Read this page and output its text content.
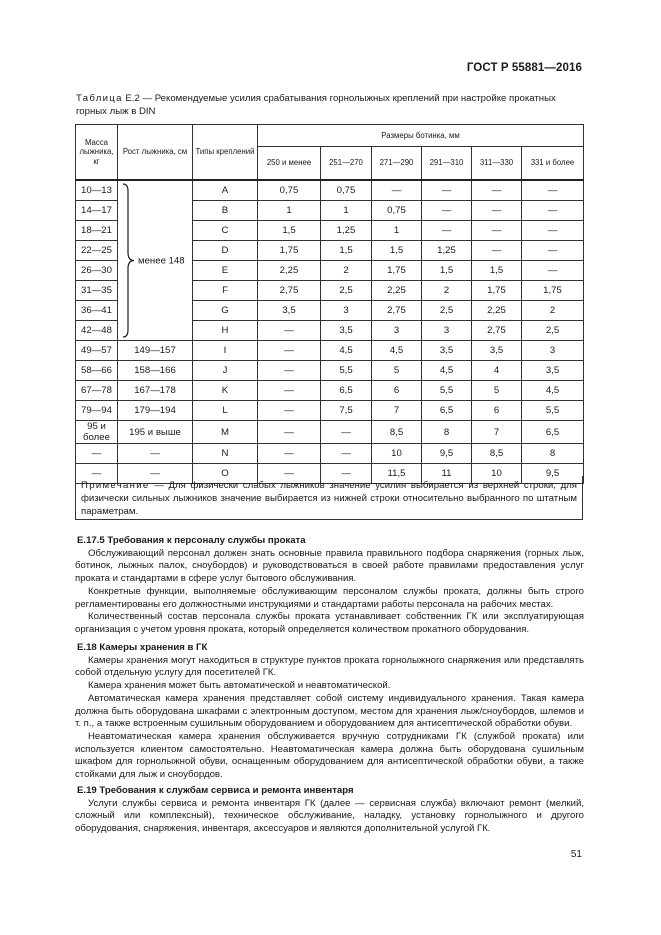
ГОСТ Р 55881—2016
Таблица Е.2 — Рекомендуемые усилия срабатывания горнолыжных креплений при настройке прокатных горных лыж в DIN
Масса лыжника, кг	Рост лыжника, см	Типы креплений	Размеры ботинка, мм					
			250 и менее	251—270	271—290	291—310	311—330	331 и более
10—13	менее 148	A	0,75	0,75	—	—	—	—
14—17		B	1	1	0,75	—	—	—
18—21		C	1,5	1,25	1	—	—	—
22—25		D	1,75	1,5	1,5	1,25	—	—
26—30		E	2,25	2	1,75	1,5	1,5	—
31—35		F	2,75	2,5	2,25	2	1,75	1,75
36—41		G	3,5	3	2,75	2,5	2,25	2
42—48		H	—	3,5	3	3	2,75	2,5
49—57	149—157	I	—	4,5	4,5	3,5	3,5	3
58—66	158—166	J	—	5,5	5	4,5	4	3,5
67—78	167—178	K	—	6,5	6	5,5	5	4,5
79—94	179—194	L	—	7,5	7	6,5	6	5,5
95 и более	195 и выше	M	—	—	8,5	8	7	6,5
—	—	N	—	—	10	9,5	8,5	8
—	—	O	—	—	11,5	11	10	9,5
Примечание — Для физически слабых лыжников значение усилия выбирается из верхней строки, для физически сильных лыжников значение выбирается из нижней строки относительно выбранного по штатным параметрам.
Е.17.5 Требования к персоналу службы проката

Обслуживающий персонал должен знать основные правила правильного подбора снаряжения (горных лыж, ботинок, лыжных палок, сноубордов) и руководствоваться в своей работе правилами предоставления услуг проката и стандартами в сфере услуг бытового обслуживания.

Конкретные функции, выполняемые обслуживающим персоналом службы проката, должны быть строго регламентированы его должностными инструкциями и стандартами работы персонала на рабочих местах.

Количественный состав персонала службы проката устанавливает собственник ГК или эксплуатирующая организация с учетом уровня проката, который определяется количеством прокатного оборудования.

Е.18 Камеры хранения в ГК

Камеры хранения могут находиться в структуре пунктов проката горнолыжного снаряжения или представлять собой отдельную услугу для посетителей ГК.

Камера хранения может быть автоматической и неавтоматической.

Автоматическая камера хранения представляет собой систему индивидуального хранения. Такая камера должна быть оборудована шкафами с электронным доступом, местом для хранения лыж/сноубордов, шлемов и т. п., а также встроенным сушильным оборудованием и оборудованием для антисептической обработки обуви.

Неавтоматическая камера хранения обслуживается вручную сотрудниками ГК (службой проката) или используется клиентом самостоятельно. Неавтоматическая камера должна быть оборудована сушильным шкафом для горнолыжной обуви, оснащенным оборудованием для антисептической обработки обуви, а также стойками для лыж и сноубордов.

Е.19 Требования к службам сервиса и ремонта инвентаря

Услуги службы сервиса и ремонта инвентаря ГК (далее — сервисная служба) включают ремонт (мелкий, сложный или комплексный), техническое обслуживание, наладку, установку горнолыжного и другого оборудования, снаряжения, инвентаря, аксессуаров и являются дополнительной услугой ГК.

51
